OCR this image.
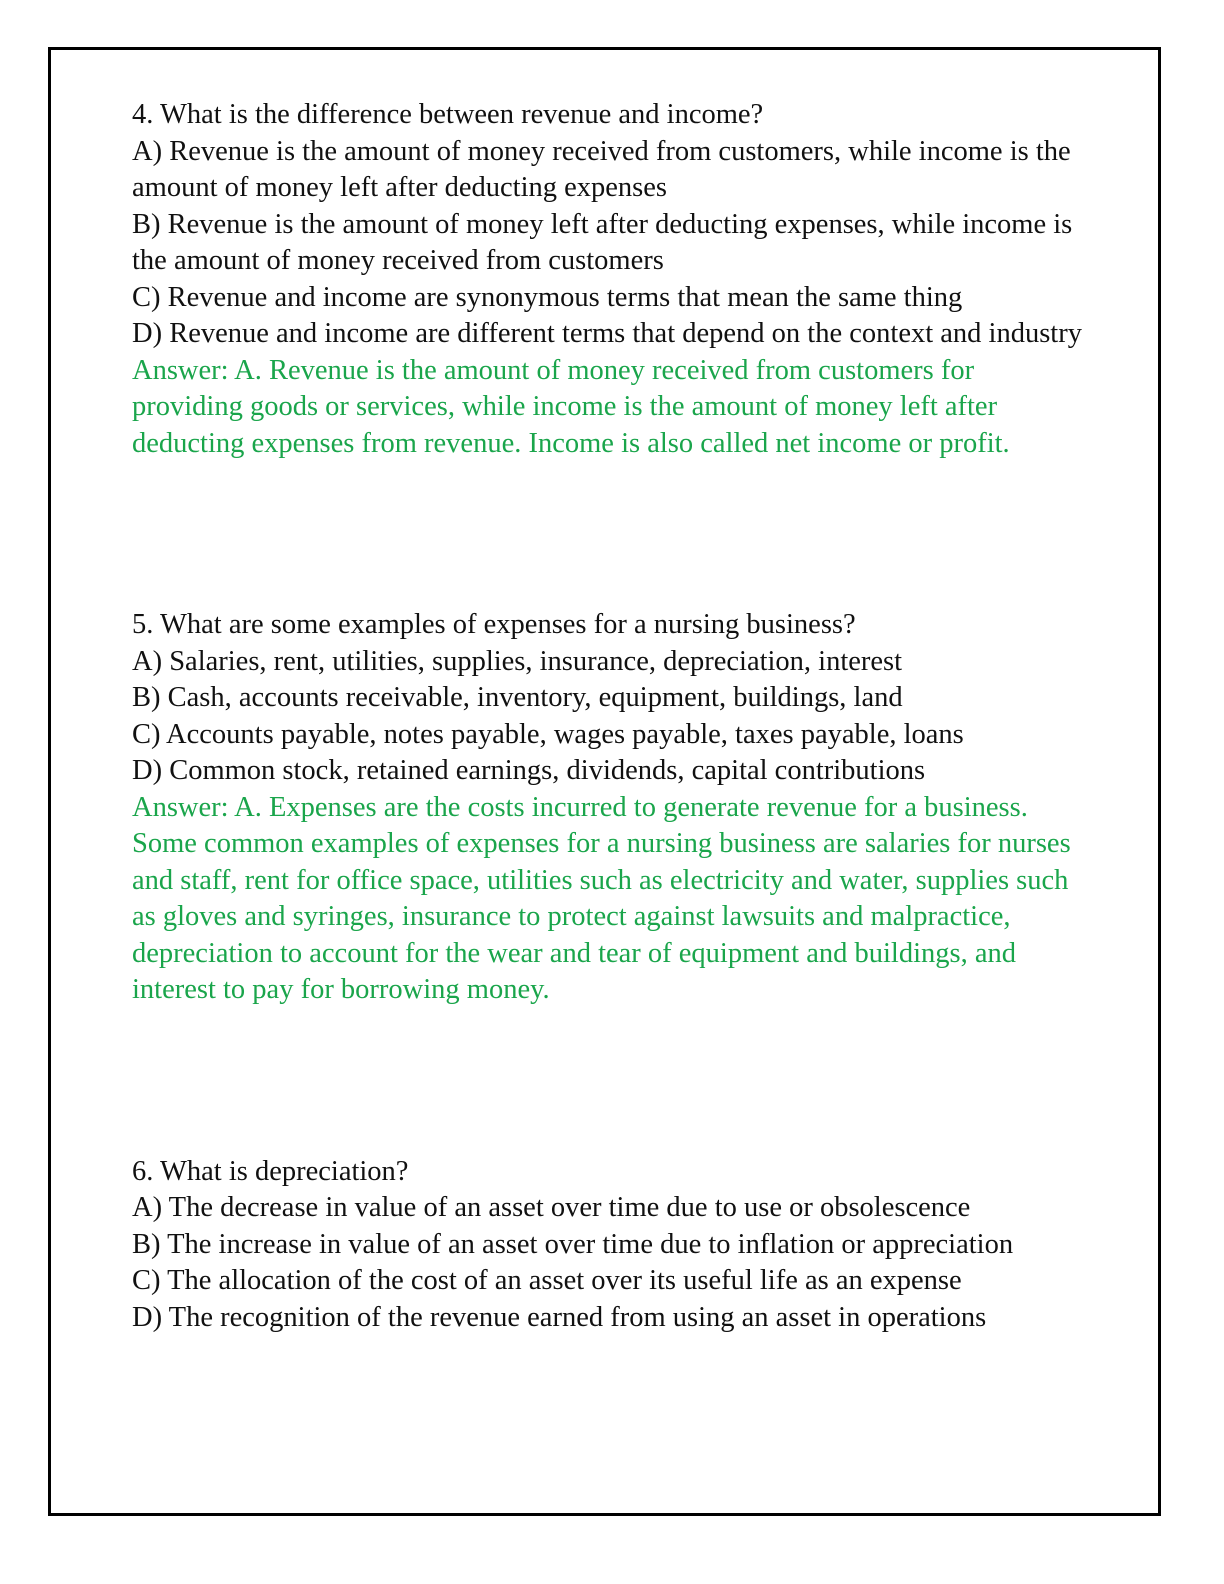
4. What is the difference between revenue and income?

A) Revenue is the amount of money received from customers, while income is the amount of money left after deducting expenses

B) Revenue is the amount of money left after deducting expenses, while income is the amount of money received from customers

C) Revenue and income are synonymous terms that mean the same thing

D) Revenue and income are different terms that depend on the context and industry

Answer: A. Revenue is the amount of money received from customers for providing goods or services, while income is the amount of money left after deducting expenses from revenue. Income is also called net income or profit.

5. What are some examples of expenses for a nursing business?

A) Salaries, rent, utilities, supplies, insurance, depreciation, interest

B) Cash, accounts receivable, inventory, equipment, buildings, land

C) Accounts payable, notes payable, wages payable, taxes payable, loans

D) Common stock, retained earnings, dividends, capital contributions

Answer: A. Expenses are the costs incurred to generate revenue for a business. Some common examples of expenses for a nursing business are salaries for nurses and staff, rent for office space, utilities such as electricity and water, supplies such as gloves and syringes, insurance to protect against lawsuits and malpractice, depreciation to account for the wear and tear of equipment and buildings, and interest to pay for borrowing money.

6. What is depreciation?

A) The decrease in value of an asset over time due to use or obsolescence

B) The increase in value of an asset over time due to inflation or appreciation

C) The allocation of the cost of an asset over its useful life as an expense

D) The recognition of the revenue earned from using an asset in operations
